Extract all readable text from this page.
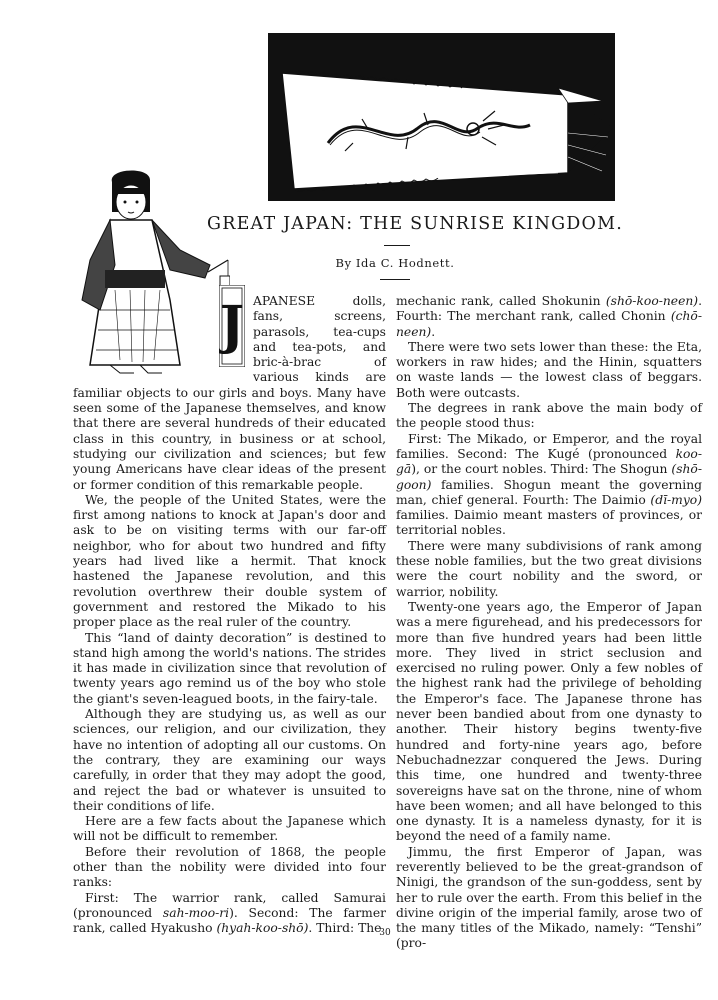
GREAT JAPAN: THE SUNRISE KINGDOM.
By Ida C. Hodnett.
J APANESE dolls, fans, screens, parasols, tea-cups and tea-pots, and bric-à-brac of various kinds are familiar objects to our girls and boys. Many have seen some of the Japanese themselves, and know that there are several hundreds of their educated class in this country, in business or at school, studying our civilization and sciences; but few young Americans have clear ideas of the present or former condition of this remarkable people.

We, the people of the United States, were the first among nations to knock at Japan's door and ask to be on visiting terms with our far-off neighbor, who for about two hundred and fifty years had lived like a hermit. That knock hastened the Japanese revolution, and this revolution overthrew their double system of government and restored the Mikado to his proper place as the real ruler of the country.

This “land of dainty decoration” is destined to stand high among the world's nations. The strides it has made in civilization since that revolution of twenty years ago remind us of the boy who stole the giant's seven-leagued boots, in the fairy-tale.

Although they are studying us, as well as our sciences, our religion, and our civilization, they have no intention of adopting all our customs. On the contrary, they are examining our ways carefully, in order that they may adopt the good, and reject the bad or whatever is unsuited to their conditions of life.

Here are a few facts about the Japanese which will not be difficult to remember.

Before their revolution of 1868, the people other than the nobility were divided into four ranks:

First: The warrior rank, called Samurai (pronounced sah-moo-ri). Second: The farmer rank, called Hyakusho (hyah-koo-shō). Third: The

mechanic rank, called Shokunin (shō-koo-neen). Fourth: The merchant rank, called Chonin (chō-neen).

There were two sets lower than these: the Eta, workers in raw hides; and the Hinin, squatters on waste lands — the lowest class of beggars. Both were outcasts.

The degrees in rank above the main body of the people stood thus:

First: The Mikado, or Emperor, and the royal families. Second: The Kugé (pronounced koo-gā), or the court nobles. Third: The Shogun (shō-goon) families. Shogun meant the governing man, chief general. Fourth: The Daimio (dī-myo) families. Daimio meant masters of provinces, or territorial nobles.

There were many subdivisions of rank among these noble families, but the two great divisions were the court nobility and the sword, or warrior, nobility.

Twenty-one years ago, the Emperor of Japan was a mere figurehead, and his predecessors for more than five hundred years had been little more. They lived in strict seclusion and exercised no ruling power. Only a few nobles of the highest rank had the privilege of beholding the Emperor's face. The Japanese throne has never been bandied about from one dynasty to another. Their history begins twenty-five hundred and forty-nine years ago, before Nebuchadnezzar conquered the Jews. During this time, one hundred and twenty-three sovereigns have sat on the throne, nine of whom have been women; and all have belonged to this one dynasty. It is a nameless dynasty, for it is beyond the need of a family name.

Jimmu, the first Emperor of Japan, was reverently believed to be the great-grandson of Ninigi, the grandson of the sun-goddess, sent by her to rule over the earth. From this belief in the divine origin of the imperial family, arose two of the many titles of the Mikado, namely: “Tenshi” (pro-

30
